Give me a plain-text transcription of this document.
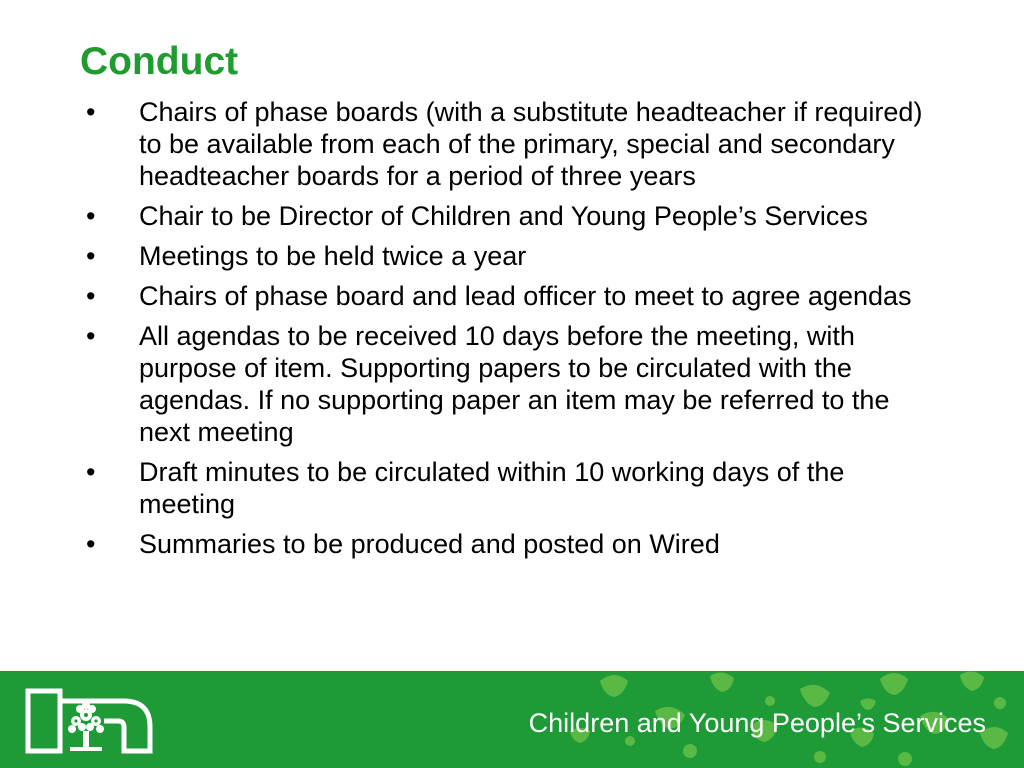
Conduct
• Chairs of phase boards (with a substitute headteacher if required) to be available from each of the primary, special and secondary headteacher boards for a period of three years
• Chair to be Director of Children and Young People’s Services
• Meetings to be held twice a year
• Chairs of phase board and lead officer to meet to agree agendas
• All agendas to be received 10 days before the meeting, with purpose of item. Supporting papers to be circulated with the agendas. If no supporting paper an item may be referred to the next meeting
• Draft minutes to be circulated within 10 working days of the meeting
• Summaries to be produced and posted on Wired
Children and Young People’s Services
